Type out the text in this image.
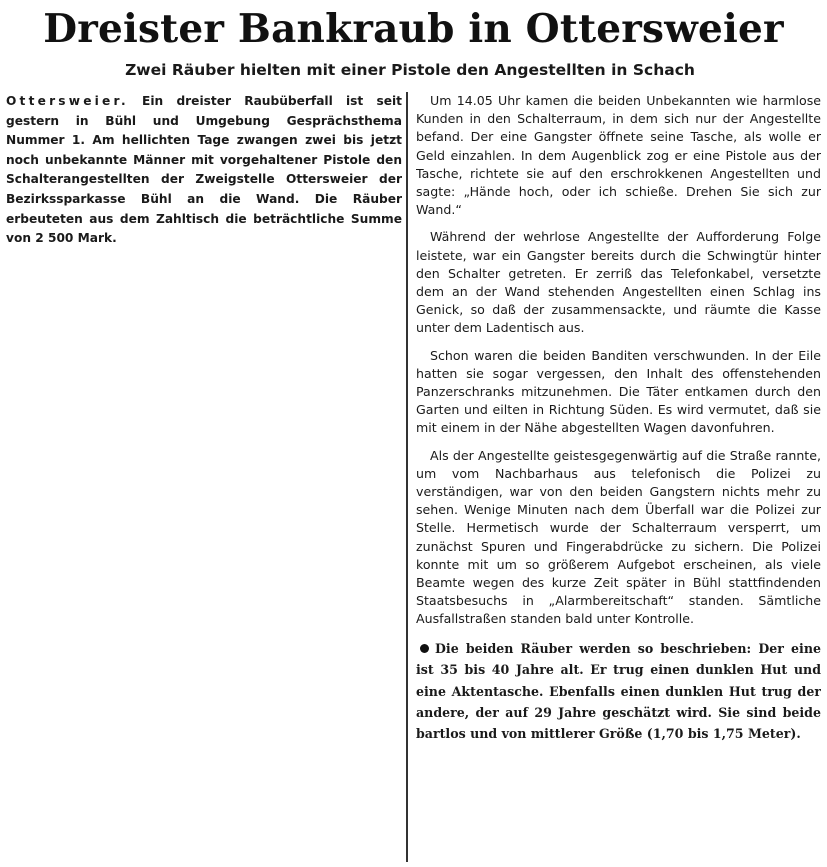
Dreister Bankraub in Ottersweier
Zwei Räuber hielten mit einer Pistole den Angestellten in Schach

Ottersweier. Ein dreister Raubüberfall ist seit gestern in Bühl und Umgebung Gesprächsthema Nummer 1. Am hellichten Tage zwangen zwei bis jetzt noch unbekannte Männer mit vorgehaltener Pistole den Schalterangestellten der Zweigstelle Ottersweier der Bezirkssparkasse Bühl an die Wand. Die Räuber erbeuteten aus dem Zahltisch die beträchtliche Summe von 2 500 Mark.

Um 14.05 Uhr kamen die beiden Unbekannten wie harmlose Kunden in den Schalterraum, in dem sich nur der Angestellte befand. Der eine Gangster öffnete seine Tasche, als wolle er Geld einzahlen. In dem Augenblick zog er eine Pistole aus der Tasche, richtete sie auf den erschrokkenen Angestellten und sagte: „Hände hoch, oder ich schieße. Drehen Sie sich zur Wand.“

Während der wehrlose Angestellte der Aufforderung Folge leistete, war ein Gangster bereits durch die Schwingtür hinter den Schalter getreten. Er zerriß das Telefonkabel, versetzte dem an der Wand stehenden Angestellten einen Schlag ins Genick, so daß der zusammensackte, und räumte die Kasse unter dem Ladentisch aus.

Schon waren die beiden Banditen verschwunden. In der Eile hatten sie sogar vergessen, den Inhalt des offenstehenden Panzerschranks mitzunehmen. Die Täter entkamen durch den Garten und eilten in Richtung Süden. Es wird vermutet, daß sie mit einem in der Nähe abgestellten Wagen davonfuhren.

Als der Angestellte geistesgegenwärtig auf die Straße rannte, um vom Nachbarhaus aus telefonisch die Polizei zu verständigen, war von den beiden Gangstern nichts mehr zu sehen. Wenige Minuten nach dem Überfall war die Polizei zur Stelle. Hermetisch wurde der Schalterraum versperrt, um zunächst Spuren und Fingerabdrücke zu sichern. Die Polizei konnte mit um so größerem Aufgebot erscheinen, als viele Beamte wegen des kurze Zeit später in Bühl stattfindenden Staatsbesuchs in „Alarmbereitschaft“ standen. Sämtliche Ausfallstraßen standen bald unter Kontrolle.

Die beiden Räuber werden so beschrieben: Der eine ist 35 bis 40 Jahre alt. Er trug einen dunklen Hut und eine Aktentasche. Ebenfalls einen dunklen Hut trug der andere, der auf 29 Jahre geschätzt wird. Sie sind beide bartlos und von mittlerer Größe (1,70 bis 1,75 Meter).
